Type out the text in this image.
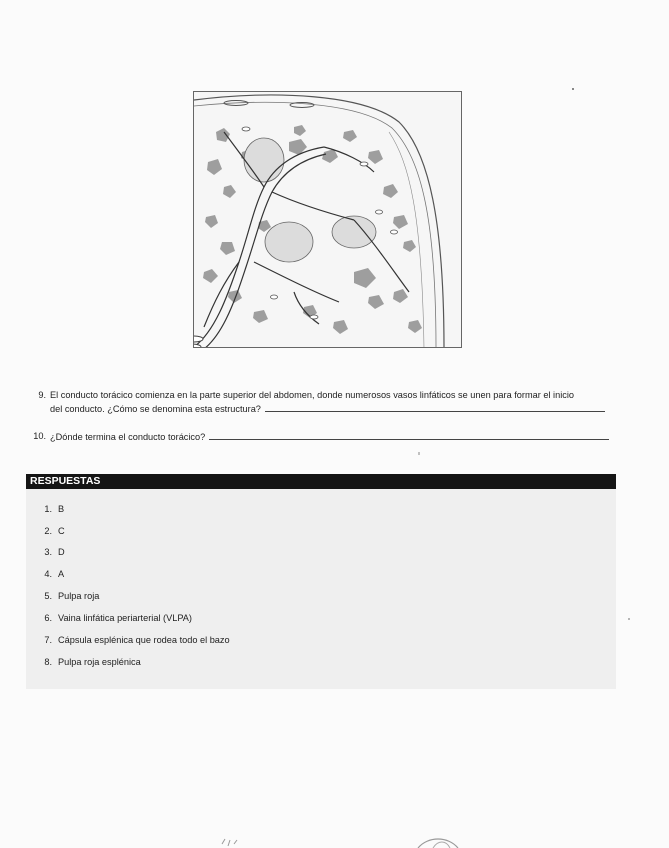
9. El conducto torácico comienza en la parte superior del abdomen, donde numerosos vasos linfáticos se unen para formar el inicio
del conducto. ¿Cómo se denomina esta estructura?
10. ¿Dónde termina el conducto torácico?
RESPUESTAS
1. B
2. C
3. D
4. A
5. Pulpa roja
6. Vaina linfática periarterial (VLPA)
7. Cápsula esplénica que rodea todo el bazo
8. Pulpa roja esplénica
